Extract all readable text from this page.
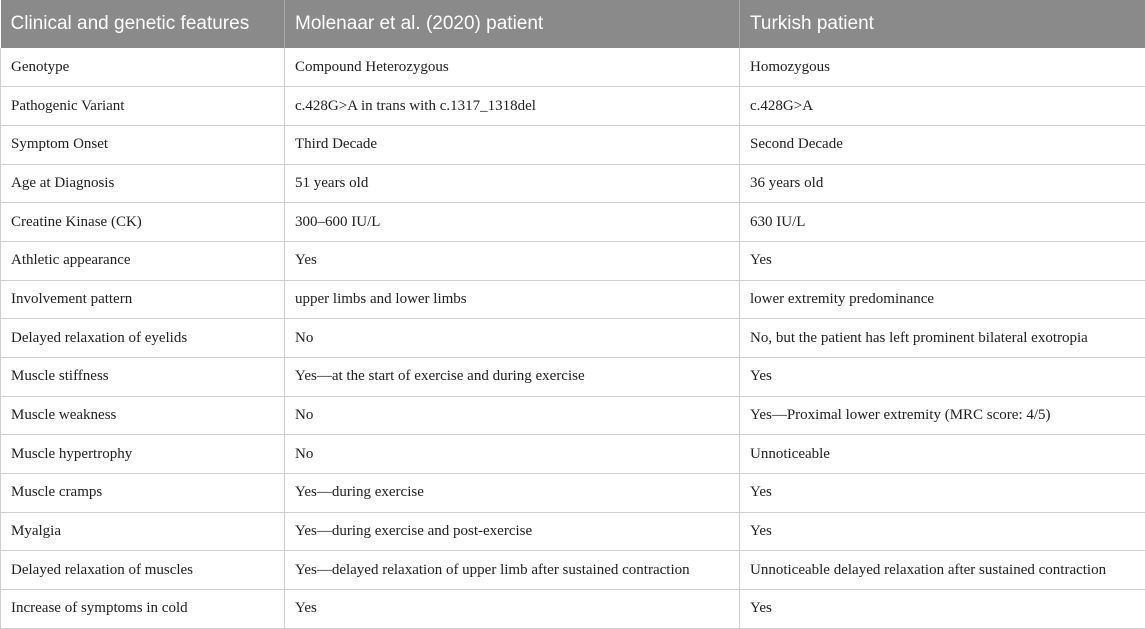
Clinical and genetic features	Molenaar et al. (2020) patient	Turkish patient
Genotype	Compound Heterozygous	Homozygous
Pathogenic Variant	c.428G>A in trans with c.1317_1318del	c.428G>A
Symptom Onset	Third Decade	Second Decade
Age at Diagnosis	51 years old	36 years old
Creatine Kinase (CK)	300–600 IU/L	630 IU/L
Athletic appearance	Yes	Yes
Involvement pattern	upper limbs and lower limbs	lower extremity predominance
Delayed relaxation of eyelids	No	No, but the patient has left prominent bilateral exotropia
Muscle stiffness	Yes—at the start of exercise and during exercise	Yes
Muscle weakness	No	Yes—Proximal lower extremity (MRC score: 4/5)
Muscle hypertrophy	No	Unnoticeable
Muscle cramps	Yes—during exercise	Yes
Myalgia	Yes—during exercise and post-exercise	Yes
Delayed relaxation of muscles	Yes—delayed relaxation of upper limb after sustained contraction	Unnoticeable delayed relaxation after sustained contraction
Increase of symptoms in cold	Yes	Yes
